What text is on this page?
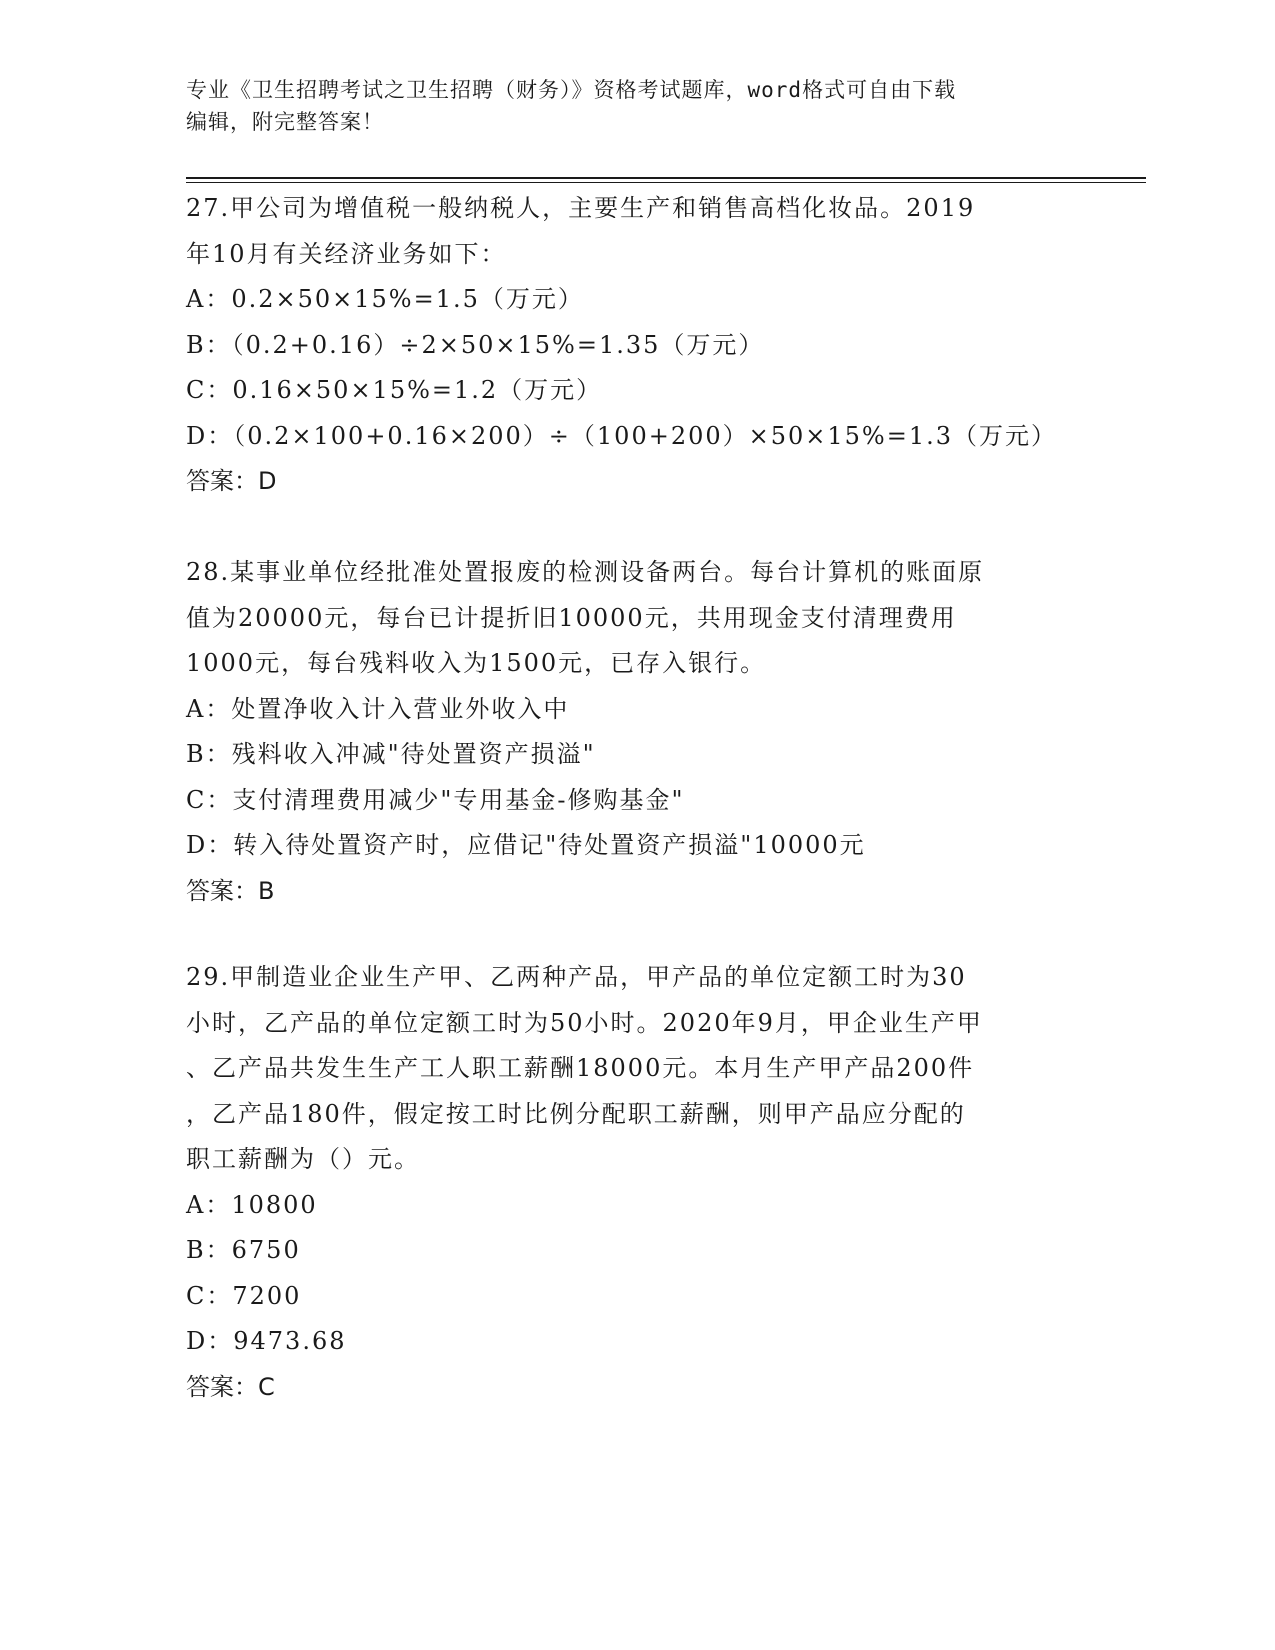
专业《卫生招聘考试之卫生招聘（财务）》资格考试题库，word格式可自由下载
编辑，附完整答案！
27.甲公司为增值税一般纳税人，主要生产和销售高档化妆品。2019
年10月有关经济业务如下：
A：0.2×50×15%=1.5（万元）
B：（0.2+0.16）÷2×50×15%=1.35（万元）
C：0.16×50×15%=1.2（万元）
D：（0.2×100+0.16×200）÷（100+200）×50×15%=1.3（万元）
答案：D
28.某事业单位经批准处置报废的检测设备两台。每台计算机的账面原
值为20000元，每台已计提折旧10000元，共用现金支付清理费用
1000元，每台残料收入为1500元，已存入银行。
A：处置净收入计入营业外收入中
B：残料收入冲减"待处置资产损溢"
C：支付清理费用减少"专用基金-修购基金"
D：转入待处置资产时，应借记"待处置资产损溢"10000元
答案：B
29.甲制造业企业生产甲、乙两种产品，甲产品的单位定额工时为30
小时，乙产品的单位定额工时为50小时。2020年9月，甲企业生产甲
、乙产品共发生生产工人职工薪酬18000元。本月生产甲产品200件
，乙产品180件，假定按工时比例分配职工薪酬，则甲产品应分配的
职工薪酬为（）元。
A：10800
B：6750
C：7200
D：9473.68
答案：C
